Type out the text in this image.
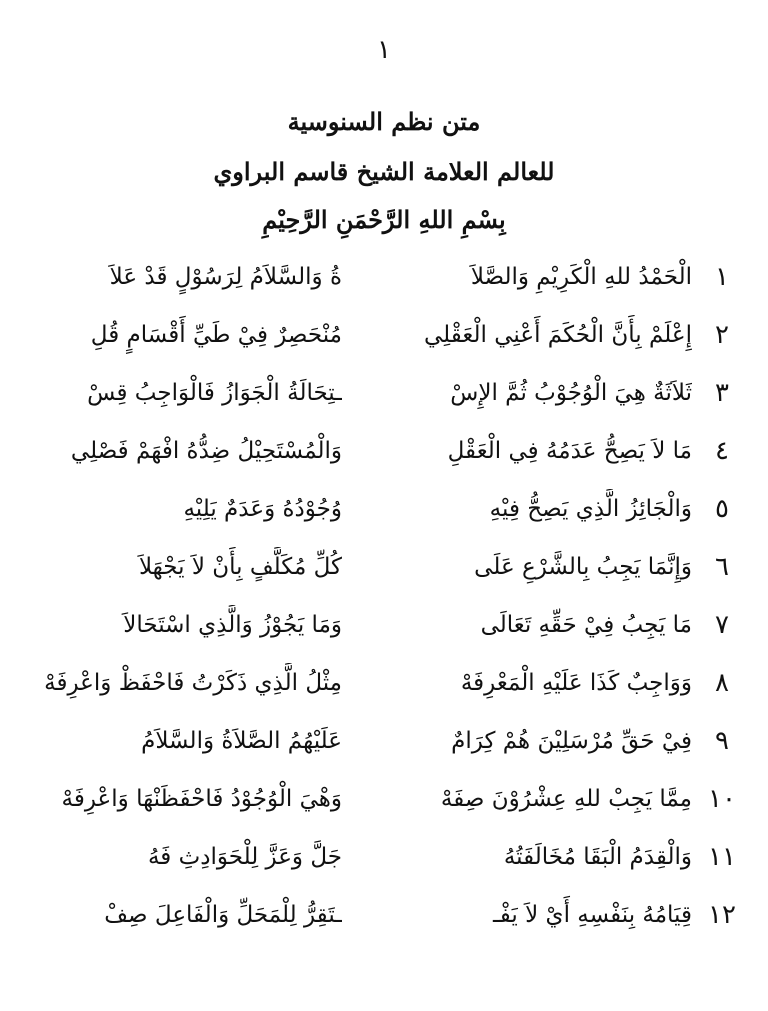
١
متن نظم السنوسية
للعالم العلامة الشيخ قاسم البراوي
بِسْمِ اللهِ الرَّحْمَنِ الرَّحِيْمِ
١
الْحَمْدُ للهِ الْكَرِيْمِ وَالصَّلاَ
ةُ وَالسَّلاَمُ لِرَسُوْلٍ قَدْ عَلاَ
٢
إِعْلَمْ بِأَنَّ الْحُكَمَ أَعْنِي الْعَقْلِي
مُنْحَصِرٌ فِيْ طَيِّ أَقْسَامٍ قُلِ
٣
ثَلاَثَةٌ هِيَ الْوُجُوْبُ ثُمَّ الإِسْ
ـتِحَالَةُ الْجَوَازُ فَالْوَاجِبُ قِسْ
٤
مَا لاَ يَصِحُّ عَدَمُهُ فِي الْعَقْلِ
وَالْمُسْتَحِيْلُ ضِدُّهُ افْهَمْ فَصْلِي
٥
وَالْجَائِزُ الَّذِي يَصِحُّ فِيْهِ
وُجُوْدُهُ وَعَدَمٌ يَلِيْهِ
٦
وَإِنَّمَا يَجِبُ بِالشَّرْعِ عَلَى
كُلِّ مُكَلَّفٍ بِأَنْ لاَ يَجْهَلاَ
٧
مَا يَجِبُ فِيْ حَقِّهِ تَعَالَى
وَمَا يَجُوْزُ وَالَّذِي اسْتَحَالاَ
٨
وَوَاجِبٌ كَذَا عَلَيْهِ الْمَعْرِفَهْ
مِثْلُ الَّذِي ذَكَرْتُ فَاحْفَظْ وَاعْرِفَهْ
٩
فِيْ حَقِّ مُرْسَلِيْنَ هُمْ كِرَامٌ
عَلَيْهُمُ الصَّلاَةُ وَالسَّلاَمُ
١٠
مِمَّا يَجِبْ للهِ عِشْرُوْنَ صِفَهْ
وَهْيَ الْوُجُوْدُ فَاحْفَظَنْهَا وَاعْرِفَهْ
١١
وَالْقِدَمُ الْبَقَا مُخَالَفَتُهُ
جَلَّ وَعَزَّ لِلْحَوَادِثِ فَهُ
١٢
قِيَامُهُ بِنَفْسِهِ أَيْ لاَ يَفْـ
ـتَقِرُّ لِلْمَحَلِّ وَالْفَاعِلَ صِفْ
